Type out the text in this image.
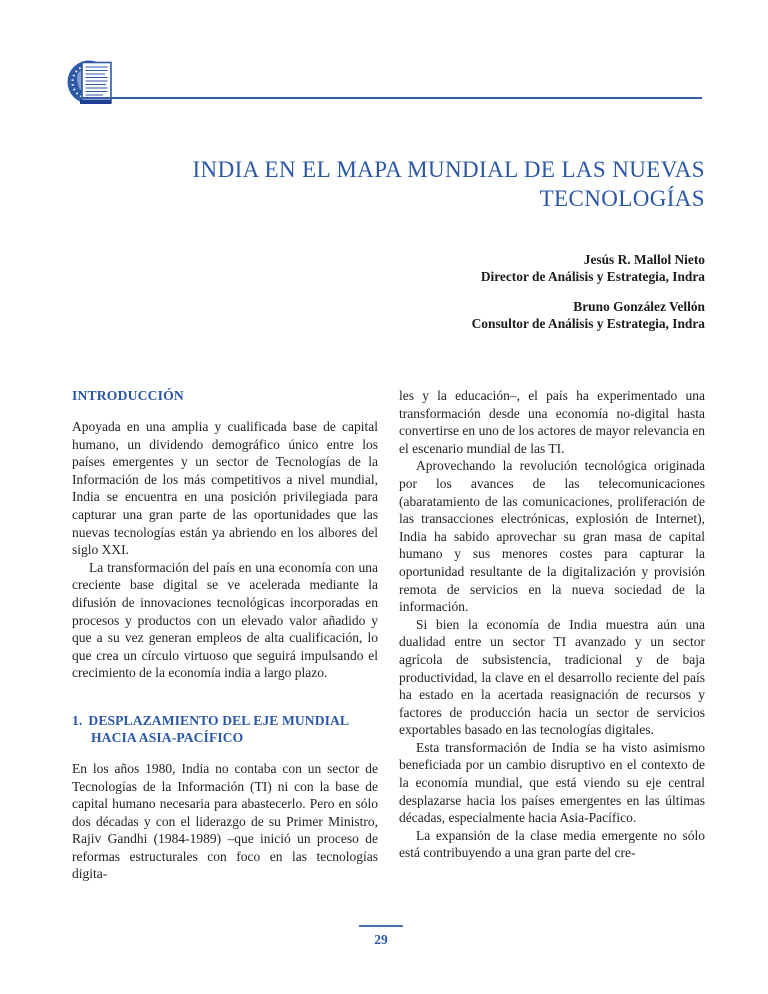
INDIA EN EL MAPA MUNDIAL DE LAS NUEVAS
TECNOLOGÍAS
Jesús R. Mallol Nieto
Director de Análisis y Estrategia, Indra
Bruno González Vellón
Consultor de Análisis y Estrategia, Indra
INTRODUCCIÓN

Apoyada en una amplia y cualificada base de capital humano, un dividendo demográfico único entre los países emergentes y un sector de Tecnologías de la Información de los más competitivos a nivel mundial, India se encuentra en una posición privilegiada para capturar una gran parte de las oportunidades que las nuevas tecnologías están ya abriendo en los albores del siglo XXI.

La transformación del país en una economía con una creciente base digital se ve acelerada mediante la difusión de innovaciones tecnológicas incorporadas en procesos y productos con un elevado valor añadido y que a su vez generan empleos de alta cualificación, lo que crea un círculo virtuoso que seguirá impulsando el crecimiento de la economía india a largo plazo.

1. DESPLAZAMIENTO DEL EJE MUNDIAL HACIA ASIA-PACÍFICO

En los años 1980, India no contaba con un sector de Tecnologías de la Información (TI) ni con la base de capital humano necesaria para abastecerlo. Pero en sólo dos décadas y con el liderazgo de su Primer Ministro, Rajiv Gandhi (1984-1989) –que inició un proceso de reformas estructurales con foco en las tecnologías digita-

les y la educación–, el país ha experimentado una transformación desde una economía no-digital hasta convertirse en uno de los actores de mayor relevancia en el escenario mundial de las TI.

Aprovechando la revolución tecnológica originada por los avances de las telecomunicaciones (abaratamiento de las comunicaciones, proliferación de las transacciones electrónicas, explosión de Internet), India ha sabido aprovechar su gran masa de capital humano y sus menores costes para capturar la oportunidad resultante de la digitalización y provisión remota de servicios en la nueva sociedad de la información.

Si bien la economía de India muestra aún una dualidad entre un sector TI avanzado y un sector agrícola de subsistencia, tradicional y de baja productividad, la clave en el desarrollo reciente del país ha estado en la acertada reasignación de recursos y factores de producción hacia un sector de servicios exportables basado en las tecnologías digitales.

Esta transformación de India se ha visto asimismo beneficiada por un cambio disruptivo en el contexto de la economía mundial, que está viendo su eje central desplazarse hacia los países emergentes en las últimas décadas, especialmente hacia Asia-Pacífico.

La expansión de la clase media emergente no sólo está contribuyendo a una gran parte del cre-

29
